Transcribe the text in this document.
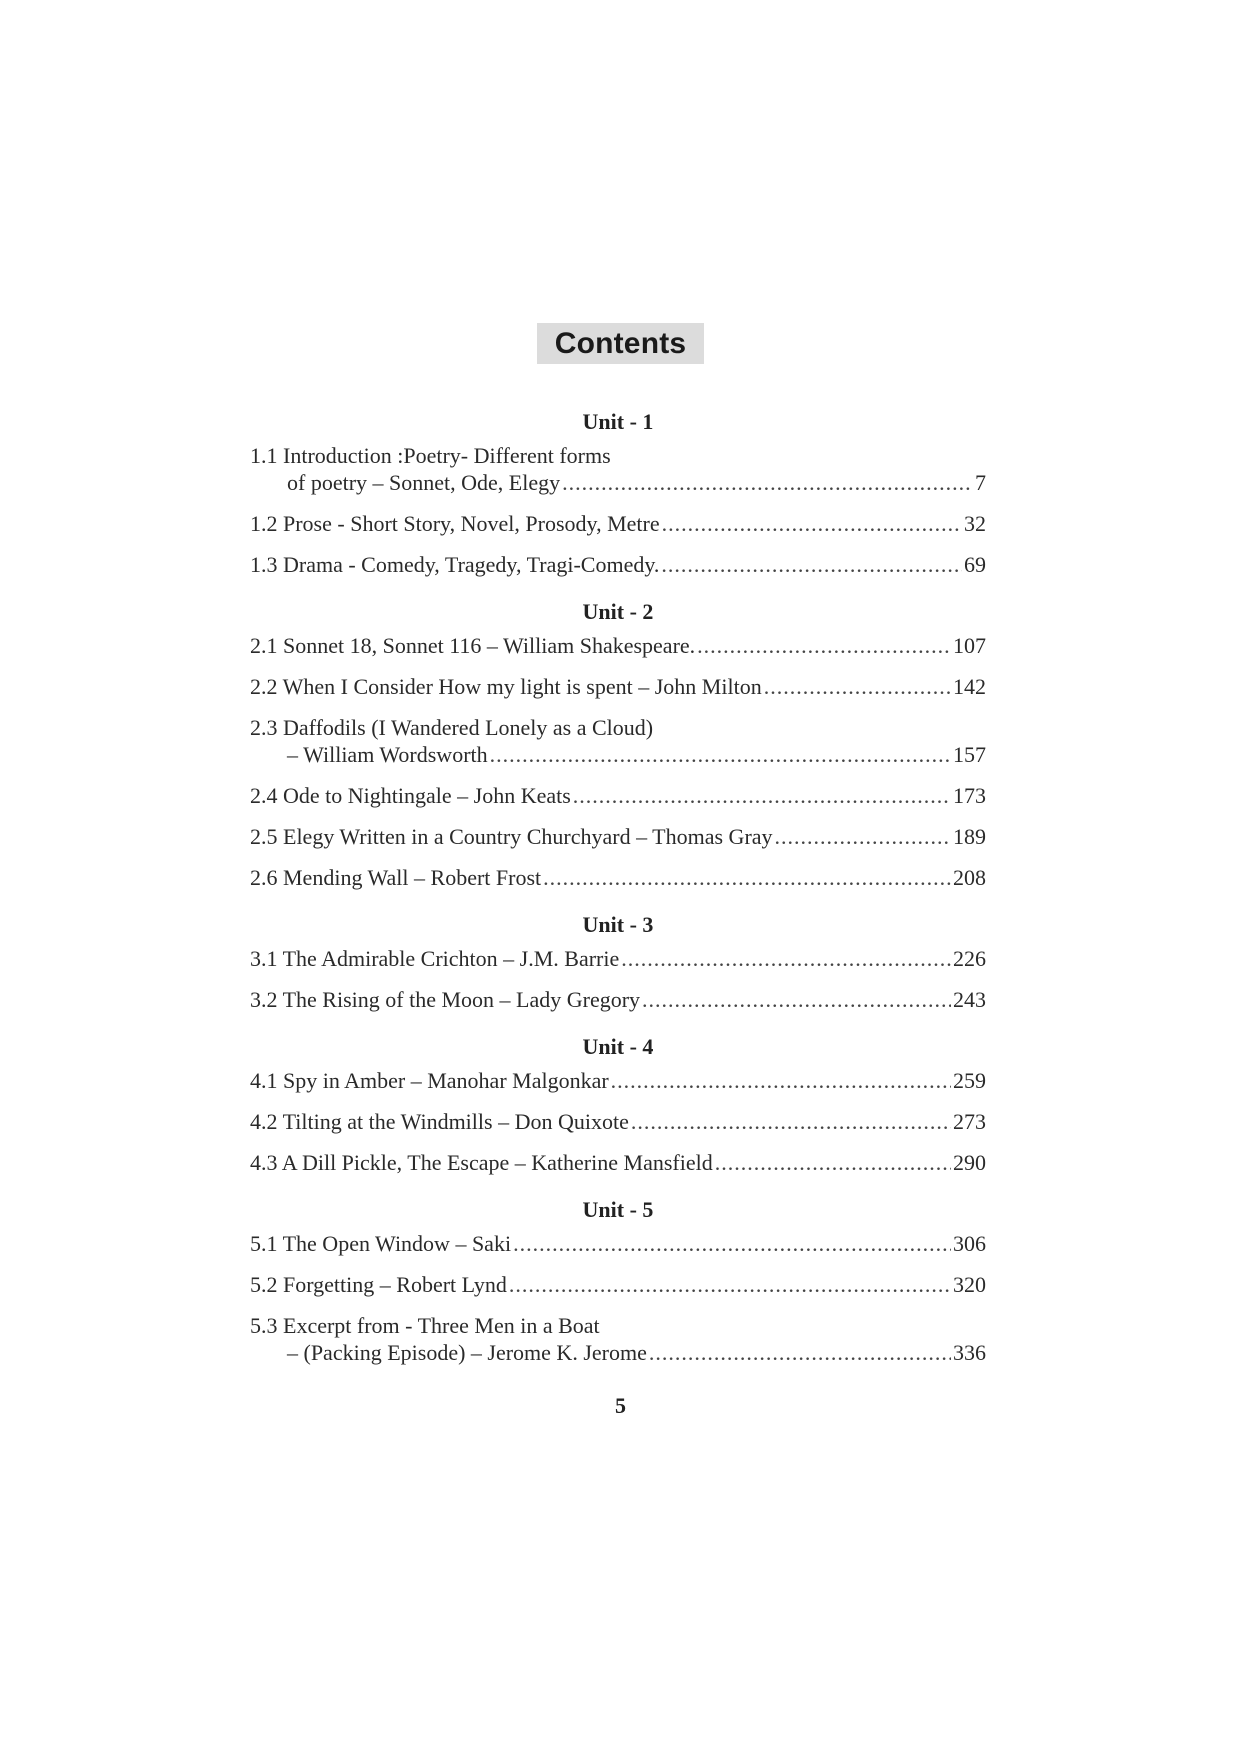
Contents
Unit - 1
1.1 Introduction :Poetry- Different forms
of poetry – Sonnet, Ode, Elegy .....	7
1.2 Prose - Short Story, Novel, Prosody, Metre .....	32
1.3 Drama - Comedy, Tragedy, Tragi-Comedy. .....	69
Unit - 2
2.1 Sonnet 18, Sonnet 116 – William Shakespeare. .....	107
2.2 When I Consider How my light is spent – John Milton .....	142
2.3 Daffodils (I Wandered Lonely as a Cloud)
– William Wordsworth .....	157
2.4 Ode to Nightingale – John Keats .....	173
2.5 Elegy Written in a Country Churchyard – Thomas Gray .....	189
2.6 Mending Wall – Robert Frost .....	208
Unit - 3
3.1 The Admirable Crichton – J.M. Barrie .....	226
3.2 The Rising of the Moon – Lady Gregory .....	243
Unit - 4
4.1 Spy in Amber – Manohar Malgonkar .....	259
4.2 Tilting at the Windmills – Don Quixote .....	273
4.3 A Dill Pickle, The Escape – Katherine Mansfield .....	290
Unit - 5
5.1 The Open Window – Saki .....	306
5.2 Forgetting – Robert Lynd .....	320
5.3 Excerpt from - Three Men in a Boat
– (Packing Episode) – Jerome K. Jerome .....	336
5
